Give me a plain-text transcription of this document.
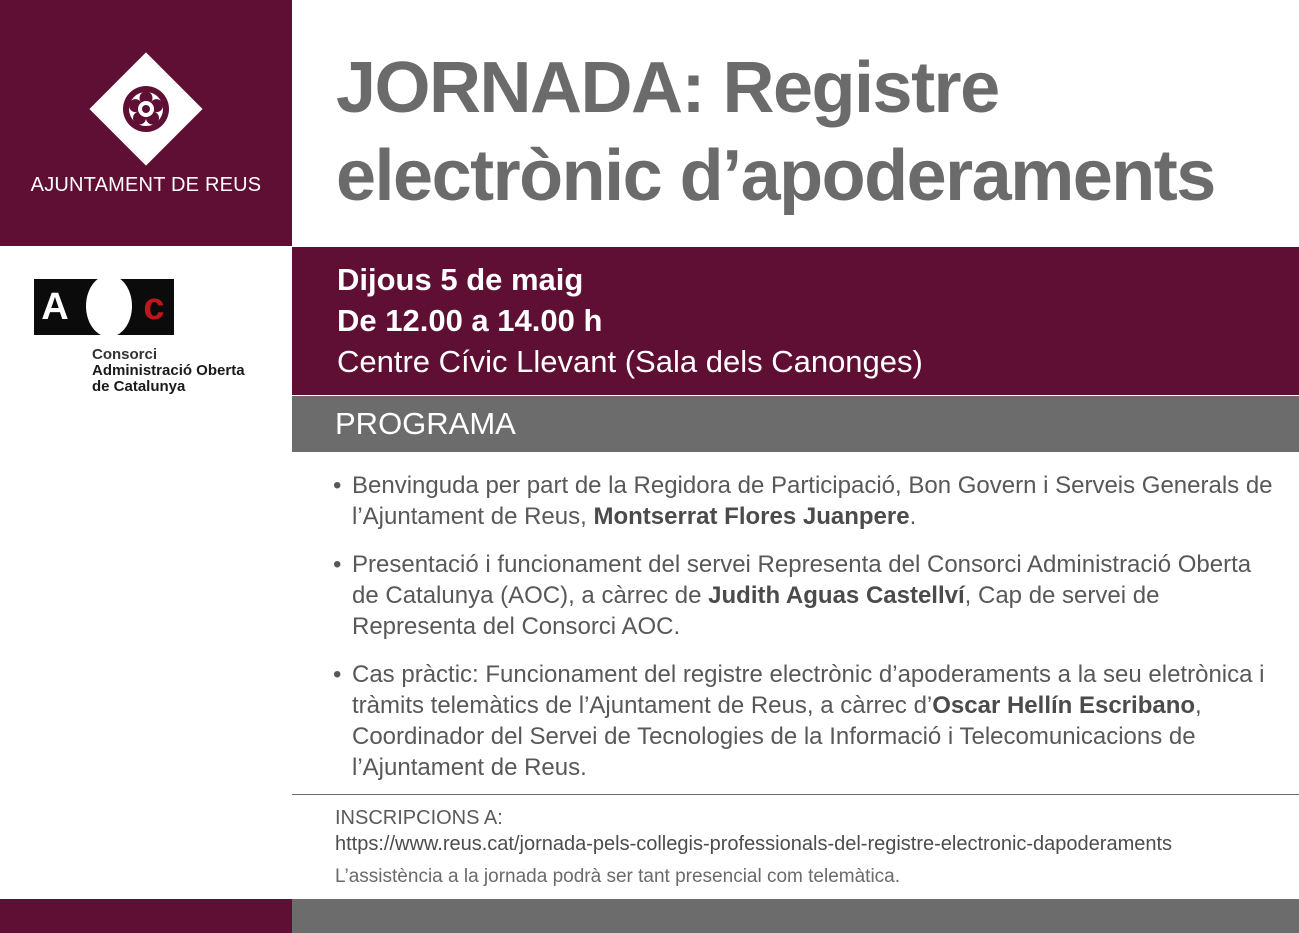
AJUNTAMENT DE REUS
A c
Consorci
Administració Oberta
de Catalunya
JORNADA: Registre
electrònic d’apoderaments
Dijous 5 de maig
De 12.00 a 14.00 h
Centre Cívic Llevant (Sala dels Canonges)
PROGRAMA
• Benvinguda per part de la Regidora de Participació, Bon Govern i Serveis Generals de l’Ajuntament de Reus, Montserrat Flores Juanpere.
• Presentació i funcionament del servei Representa del Consorci Administració Oberta de Catalunya (AOC), a càrrec de Judith Aguas Castellví, Cap de servei de Representa del Consorci AOC.
• Cas pràctic: Funcionament del registre electrònic d’apoderaments a la seu eletrònica i tràmits telemàtics de l’Ajuntament de Reus, a càrrec d’Oscar Hellín Escribano, Coordinador del Servei de Tecnologies de la Informació i Telecomunicacions de l’Ajuntament de Reus.
INSCRIPCIONS A:
https://www.reus.cat/jornada-pels-collegis-professionals-del-registre-electronic-dapoderaments
L’assistència a la jornada podrà ser tant presencial com telemàtica.
